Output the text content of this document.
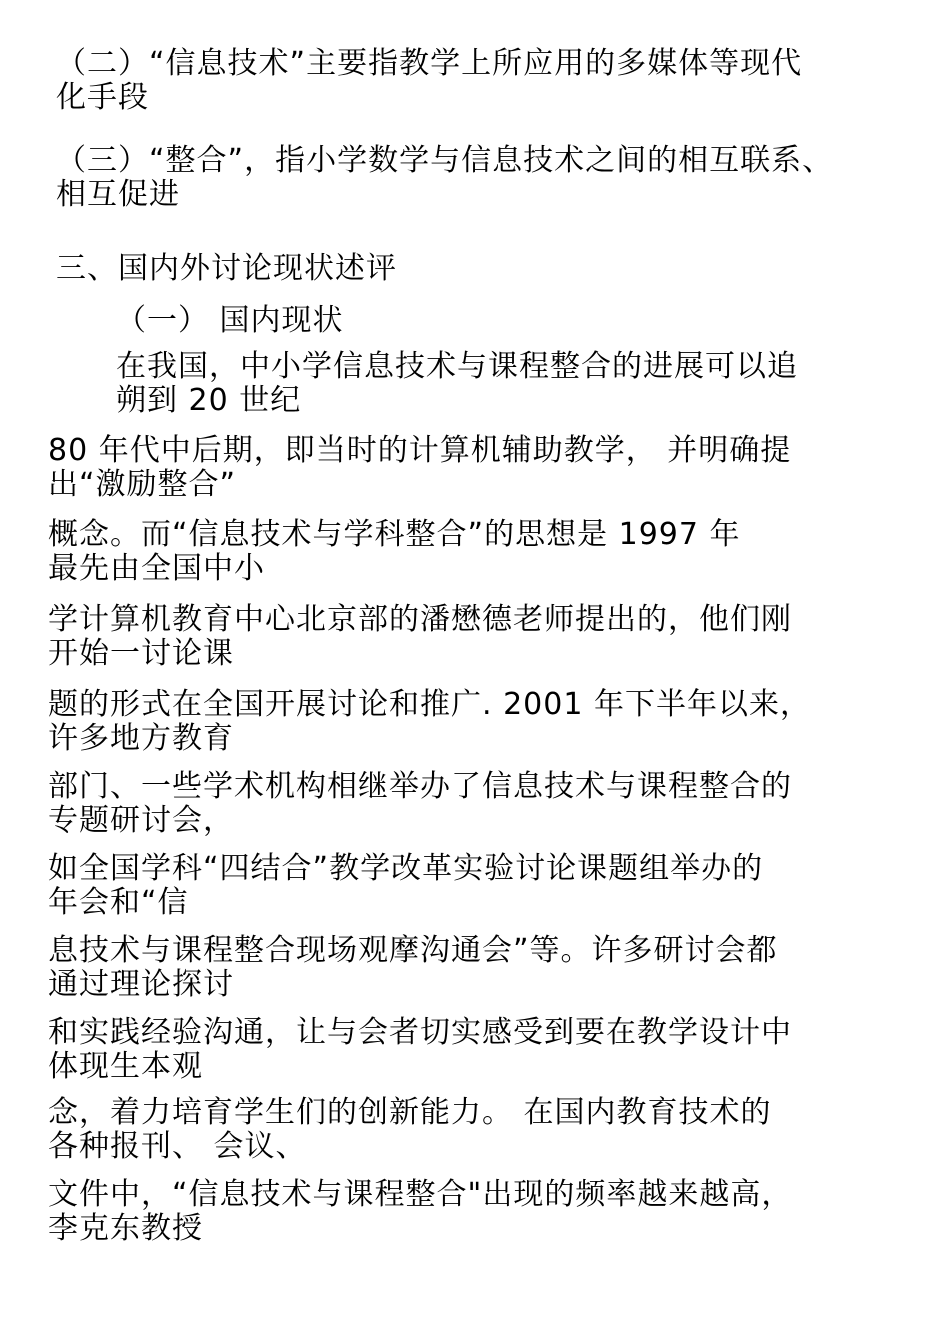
（二）“信息技术”主要指教学上所应用的多媒体等现代
化手段

（三）“整合”，指小学数学与信息技术之间的相互联系、
相互促进

三、国内外讨论现状述评

（一） 国内现状

在我国，中小学信息技术与课程整合的进展可以追
朔到 20 世纪

80 年代中后期，即当时的计算机辅助教学， 并明确提
出“激励整合”

概念。而“信息技术与学科整合”的思想是 1997 年
最先由全国中小

学计算机教育中心北京部的潘懋德老师提出的，他们刚
开始一讨论课

题的形式在全国开展讨论和推广. 2001 年下半年以来，
许多地方教育

部门、一些学术机构相继举办了信息技术与课程整合的
专题研讨会，

如全国学科“四结合”教学改革实验讨论课题组举办的
年会和“信

息技术与课程整合现场观摩沟通会”等。许多研讨会都
通过理论探讨

和实践经验沟通，让与会者切实感受到要在教学设计中
体现生本观

念，着力培育学生们的创新能力。 在国内教育技术的
各种报刊、 会议、

文件中，“信息技术与课程整合"出现的频率越来越高，
李克东教授
